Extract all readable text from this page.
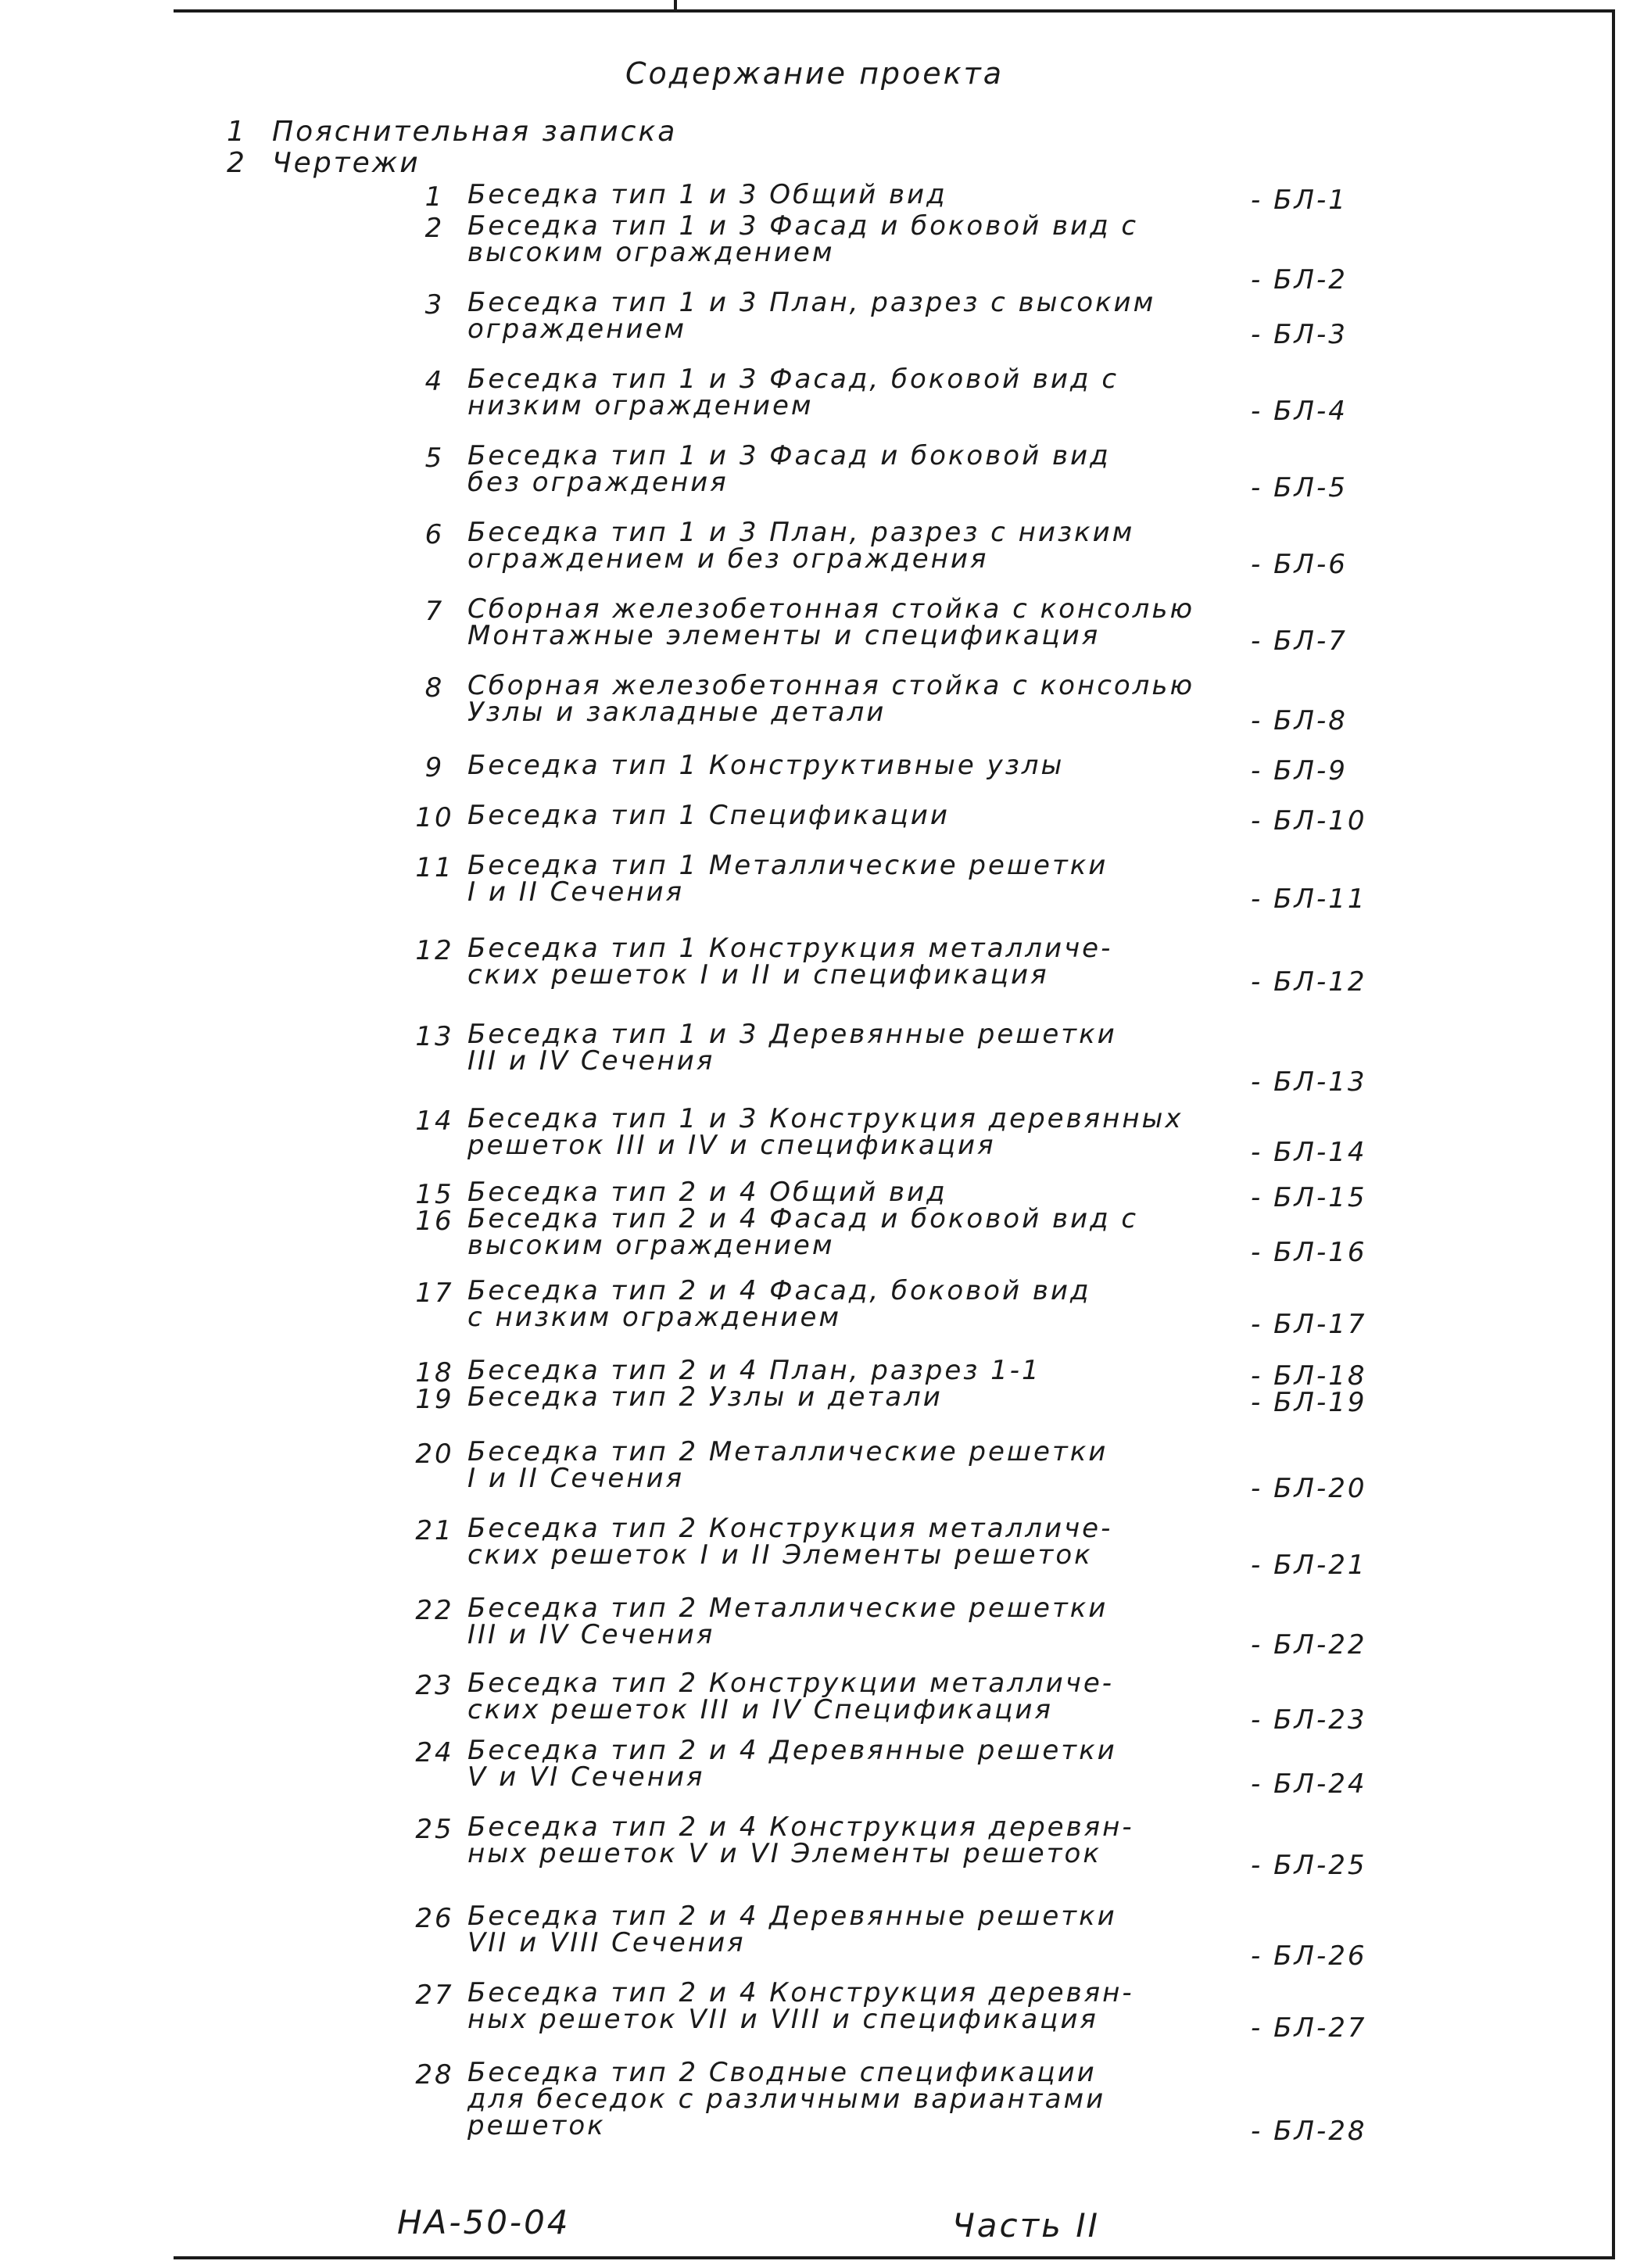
Содержание проекта
1 Пояснительная записка
2 Чертежи
1 Беседка тип 1 и 3 Общий вид	- БЛ-1
2 Беседка тип 1 и 3 Фасад и боковой вид с
высоким ограждением
- БЛ-2
3 Беседка тип 1 и 3 План, разрез с высоким
ограждением	- БЛ-3
4 Беседка тип 1 и 3 Фасад, боковой вид с
низким ограждением	- БЛ-4
5 Беседка тип 1 и 3 Фасад и боковой вид
без ограждения	- БЛ-5
6 Беседка тип 1 и 3 План, разрез с низким
ограждением и без ограждения	- БЛ-6
7 Сборная железобетонная стойка с консолью
Монтажные элементы и спецификация	- БЛ-7
8 Сборная железобетонная стойка с консолью
Узлы и закладные детали	- БЛ-8
9 Беседка тип 1 Конструктивные узлы	- БЛ-9
10 Беседка тип 1 Спецификации	- БЛ-10
11 Беседка тип 1 Металлические решетки
I и II Сечения	- БЛ-11
12 Беседка тип 1 Конструкция металличе-
ских решеток I и II и спецификация	- БЛ-12
13 Беседка тип 1 и 3 Деревянные решетки
III и IV Сечения
- БЛ-13
14 Беседка тип 1 и 3 Конструкция деревянных
решеток III и IV и спецификация	- БЛ-14
15 Беседка тип 2 и 4 Общий вид	- БЛ-15
16 Беседка тип 2 и 4 Фасад и боковой вид с
высоким ограждением	- БЛ-16
17 Беседка тип 2 и 4 Фасад, боковой вид
с низким ограждением	- БЛ-17
18 Беседка тип 2 и 4 План, разрез 1-1	- БЛ-18
19 Беседка тип 2 Узлы и детали	- БЛ-19
20 Беседка тип 2 Металлические решетки
I и II Сечения	- БЛ-20
21 Беседка тип 2 Конструкция металличе-
ских решеток I и II Элементы решеток	- БЛ-21
22 Беседка тип 2 Металлические решетки
III и IV Сечения	- БЛ-22
23 Беседка тип 2 Конструкции металличе-
ских решеток III и IV Спецификация	- БЛ-23
24 Беседка тип 2 и 4 Деревянные решетки
V и VI Сечения	- БЛ-24
25 Беседка тип 2 и 4 Конструкция деревян-
ных решеток V и VI Элементы решеток	- БЛ-25
26 Беседка тип 2 и 4 Деревянные решетки
VII и VIII Сечения	- БЛ-26
27 Беседка тип 2 и 4 Конструкция деревян-
ных решеток VII и VIII и спецификация	- БЛ-27
28 Беседка тип 2 Сводные спецификации
для беседок с различными вариантами
решеток	- БЛ-28
НА-50-04	Часть II
